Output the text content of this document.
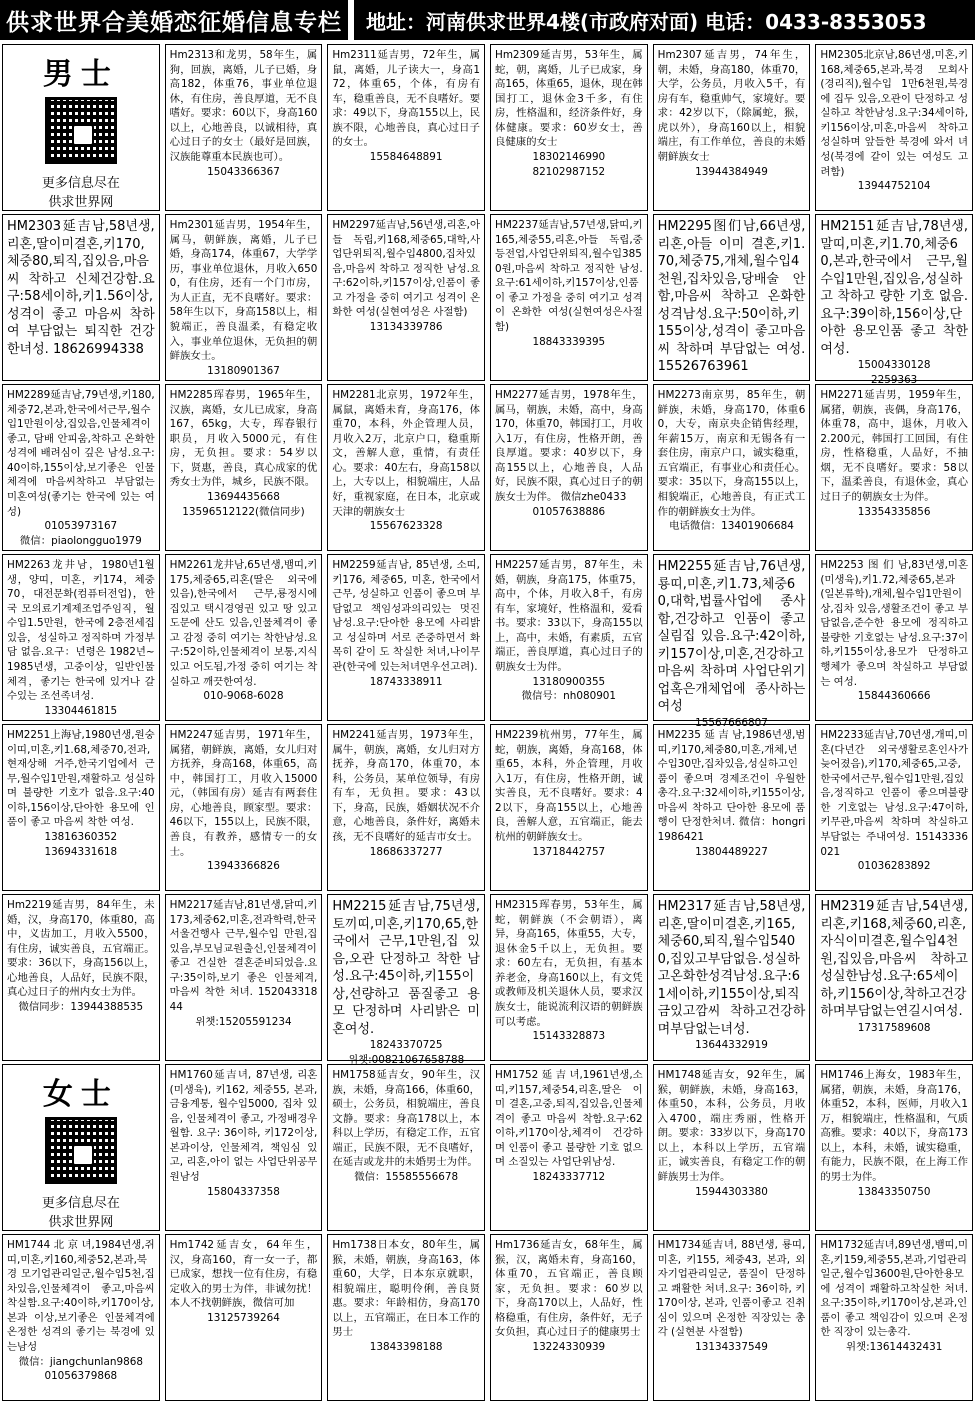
供求世界合美婚恋征婚信息专栏 地址：河南供求世界4楼(市政府对面) 电话：0433-8353053
男士
更多信息尽在
供求世界网
Hm2313和龙男，58年生，属狗，回族，离婚，儿子已婚，身高182，体重76，事业单位退休，有住房，善良厚道，无不良嗜好。要求：60以下，身高160以上，心地善良，以诚相待，真心过日子的女士（最好是回族，汉族能尊重本民族也可）。
15043366367
Hm2311延吉男，72年生，属鼠，离婚，儿子读大一，身高172，体重65，个体，有房有车，稳重善良，无不良嗜好。要求：49以下，身高155以上，民族不限，心地善良，真心过日子的女士。
15584648891
Hm2309延吉男，53年生，属蛇，朝，离婚，儿子已成家，身高165，体重65，退休，现在韩国打工，退休金3千多，有住房，性格温和，经济条件好，身体健康。要求：60岁女士，善良健康的女士
18302146990
82102987152
Hm2307延吉男，74年生，朝，未婚，身高180，体重70，大学，公务员，月收入5千，有房有车，稳重帅气，家境好。要求：42岁以下，（除属蛇，猴，虎以外），身高160以上，相貌端庄，有工作单位，善良的未婚朝鲜族女士
13944384949
HM2305北京남,86년생,미혼,키168,체중65,본과,북경 모회사(경리직),월수입 1만6천원,북경에 집두 있음,오관이 단정하고 성실하고 착한남성.요구:34세이하,키156이상,미혼,마음씨 착하고 성실하며 앞들한 북경에 와서 녀성(북경에 같이 있는 여성도 고려함)
13944752104
HM2303延吉남,58년생,리혼,딸이미결혼,키170,체중80,퇴직,집있음,마음씨 착하고 신체건강함.요구:58세이하,키1.56이상,성격이 좋고 마음씨 착하여 부담없는 퇴직한 건강한녀성. 18626994338
Hm2301延吉男，1954年生，属马，朝鲜族，离婚，儿子已婚，身高174，体重67，大学学历，事业单位退休，月收入6500，有住房，还有一个门市房，为人正直，无不良嗜好。要求：58年生以下，身高158以上，相貌端正，善良温柔，有稳定收入，事业单位退休，无负担的朝鲜族女士。
13180901367
HM2297延吉남,56년생,리혼,아들 독립,키168,체중65,대학,사업단위퇴직,월수입4800,집차있음,마음씨 착하고 정직한 남성.요구:62이하,키157이상,인품이 좋고 가정을 중히 여기고 성격이 온화한 여성(실현여성은 사절함)
13134339786
HM2237延吉남,57년생,닭띠,키165,체중55,리혼,아들 독립,중등전업,사업단위퇴직,월수입3850원,마음씨 착하고 정직한 남성.요구:61세이하,키157이상,인품이 좋고 가정을 중히 여기고 성격이 온화한 여성(실현여성은사절함)
18843339395
HM2295图们남,66년생,리혼,아들 이미 결혼,키1.70,체중75,개체,월수입4천원,집차있음,당배술 안함,마음씨 착하고 온화한 성격남성.요구:50이하,키155이상,성격이 좋고마음씨 착하며 부담없는 여성. 15526763961
HM2151延吉남,78년생,말띠,미혼,키1.70,체중60,본과,한국에서 근무,월수입1만원,집있음,성실하고 착하고 량한 기호 없음.요구:39이하,156이상,단아한 용모인품 좋고 착한 여성.
15004330128
2259363
HM2289延吉남,79년생,키180,체중72,본과,한국에서근무,월수입1만원이상,집있음,인물체격이 좋고, 담배 안피움,착하고 온화한 성격에 배려심이 깊은 남성.요구:40이하,155이상,보기좋은 인물체격에 마음씨착하고 부담없는 미혼여성(좋기는 한국에 있는 여성)
01053973167
微信：piaolongguo1979
HM2285珲春男，1965年生，汉族，离婚，女儿已成家，身高167，65kg，大专，珲春银行职员，月收入5000元，有住房，无负担。要求：54岁以下，贤惠，善良，真心成家的优秀女士为伴，城乡，民族不限。
13694435668
13596512122(微信同步)
HM2281北京男，1972年生，属鼠，离婚未育，身高176，体重70，本科，外企管理人员，月收入2万，北京户口，稳重斯文，善解人意，重情，有责任心。要求：40左右，身高158以上，大专以上，相貌端庄，人品好，重视家庭，在日本，北京或天津的朝族女士
15567623328
HM2277延吉男，1978年生，属马，朝族，未婚，高中，身高170，体重70，韩国打工，月收入1万，有住房，性格开朗，善良厚道。要求：40岁以下，身高155以上，心地善良，人品好，民族不限，真心过日子的朝族女士为伴。 微信zhe0433
01057638886
HM2273南京男，85年生，朝鲜族，未婚，身高170，体重60，大专，南京央企销售经理，年薪15万，南京和无锡各有一套住房，南京户口，诚实稳重，五官端正，有事业心和责任心。要求：35以下，身高155以上，相貌端正，心地善良，有正式工作的朝鲜族女士为伴。
电话微信：13401906684
HM2271延吉男，1959年生，属猪，朝族，丧偶，身高176，体重78，高中，退休，月收入2.200元，韩国打工回国，有住房，性格稳重，人品好，不抽烟，无不良嗜好。要求：58以下，温柔善良，有退休金，真心过日子的朝族女士为伴。
13354335856
HM2263龙井남，1980년1월생，양띠，미혼，키174，체중70，대전문화(컴퓨터전업)，한국 모의료기계제조업주임직，월수입1.5만원，한국에 2층전세집 있음，성실하고 정직하며 가정부담 없음.요구：년령은 1982년~1985년생，고중이상，일반인물체격，좋기는 한국에 있거나 갈수있는 조선족녀성.
13304461815
HM2261龙井남,65년생,뱀띠,키175,체중65,리혼(딸은 외국에 있음),한국에서 근무,룡정시에 집있고 택시경영권 있고 땅 있고 도문에 산도 있음,인물체격이 좋고 감정 중히 여기는 착한남성.요구:52이하,인물체격이 보통,지식있고 어도됨,가정 중히 여기는 착실하고 깨끗한여성.
010-9068-6028
HM2259延吉남, 85년생, 소띠, 키176, 체중65, 미혼, 한국에서 근무, 성실하고 인품이 좋으며 부담없고 책임성과의리있는 멋진 남성.요구:단아한 용모에 사리밝고 성실하며 서로 존중하면서 화목히 같이 도 착실한 처녀,나이무관(한국에 있는처녀면우선고려).
18743338911
HM2257延吉男，87年生，未婚，朝族，身高175，体重75，高中，个体，月收入8千，有房有车，家境好，性格温和，爱看书。要求：33以下，身高155以上，高中，未婚，有素质，五官端正，善良厚道，真心过日子的朝族女士为伴。
13180900355
微信号：nh080901
HM2255延吉남,76년생,룡띠,미혼,키1.73,체중60,대학,법률사업에 종사함,건강하고 인품이 좋고 실림집 있음.요구:42이하,키157이상,미혼,건강하고 마음씨 착하며 사업단위기업혹은개체업에 종사하는 여성
15567666807
HM2253图们남,83년생,미혼(미생육),키1.72,체중65,본과(일본류학),개체,월수입1만원이상,집차 있음,생활조건이 좋고 부담없음,준수한 용모에 정직하고 불량한 기호없는 남성.요구:37이하,키155이상,용모가 단정하고 행체가 좋으며 착실하고 부담없는 여성.
15844360666
HM2251上海남,1980년생,원숭이띠,미혼,키1.68,체중70,전과,현재상해 거주,한국기업에서 근무,월수입1만원,재활하고 성실하며 불량한 기호가 없음.요구:40이하,156이상,단아한 용모에 인품이 좋고 마음씨 착한 여성.
13816360352
13694331618
HM2247延吉男，1971年生，属猪，朝鲜族，离婚，女儿归对方抚养，身高168，体重65，高中，韩国打工，月收入15000元，（韩国有房）延吉有两套住房，心地善良，顾家型。要求：46以下，155以上，民族不限，善良，有教养，感情专一的女士。
13943366826
HM2241延吉男，1973年生，属牛，朝族，离婚，女儿归对方抚养，身高170，体重70，本科，公务员，某单位领导，有房有车，无负担。要求：43以下，身高，民族，婚姻状况不介意，心地善良，条件好，离婚未孩，无不良嗜好的延吉市女士。
18686337277
HM2239杭州男，77年生，属蛇，朝族，离婚，身高168，体重65，本科，外企管理，月收入1万，有住房，性格开朗，诚实善良，无不良嗜好。要求：42以下，身高155以上，心地善良，善解人意，五官端正，能去杭州的朝鲜族女士。
13718442757
HM2235延吉남,1986년생,범띠,키170,체중80,미혼,개체,년수입30만,집차있음,성실하고인품이 좋으며 경제조건이 우월한 총각.요구:32세이하,키155이상,마음씨 착하고 단아한 용모에 품행이 단정한처녀. 微信：hongri1986421
13804489227
HM2233延吉남,70년생,개띠,미혼(다년간 외국생활로혼인사가 늦어졌음),키170,체중65,고중,한국에서근무,월수입1만원,집있음,정직하고 인품이 좋으며불량한 기호없는 남성.요구:47이하,키무관,마음씨 착하며 착실하고 부담없는 주내여성. 15143336021
01036283892
Hm2219延吉男，84年生，未婚，汉，身高170，体重80，高中，义齿加工，月收入5500，有住房，诚实善良，五官端正。要求：36以下，身高156以上，心地善良，人品好，民族不限，真心过日子的州内女士为伴。
微信同步：13944388535
HM2217延吉남,81년생,닭띠,키173,체중62,미혼,전과학력,한국서울건행사 근무,월수입 만원,집있음,부모님교원출신,인물체격이 좋고 건실한 결혼준비되었음.요구:35이하,보기 좋은 인물체격,마음씨 착한 처녀. 15204331844
위챗:15205591234
HM2215延吉남,75년생,토끼띠,미혼,키170,65,한국에서 근무,1만원,집 있음,오관 단정하고 착한 남성.요구:45이하,키155이상,선량하고 품질좋고 용모 단정하며 사리밝은 미혼여성.
18243370725
위챗:00821067658788
HM2315珲春男，53年生，属蛇，朝鲜族（不会朝语），离异，身高165，体重55，大专，退休金5千以上，无负担。要求：60左右，无负担，有基本养老金，身高160以上，有文凭或教师及机关退休人员，要求汉族女士，能说流利汉语的朝鲜族可以考虑。
15143328873
HM2317延吉남,58년생,리혼,딸이미결혼,키165,체중60,퇴직,월수입5400,집있고부담없음.성실하고온화한성격남성.요구:61세이하,키155이상,퇴직금있고깜씨 착하고건강하며부담없는녀성.
13644332919
HM2319延吉남,54년생,리혼,키168,체중60,리혼,자식이미결혼,월수입4천원,집있음,마음씨 착하고성실한남성.요구:65세이하,키156이상,착하고건강하며부담없는연길시여성.
17317589608
女士
更多信息尽在
供求世界网
HM1760延吉녀, 87년생, 리혼(미생육), 키162, 체중55, 본과, 금융계통, 월수입5000, 집차 있음, 인물체격이 좋고, 가정배경우월함. 요구: 36이하, 키172이상, 본과이상, 인물체격, 책임심 있고, 리혼,아이 없는 사업단위공무원남성
15804337358
HM1758延吉女，90年生，汉族，未婚，身高166，体重60，硕士，公务员，相貌端庄，善良文静。要求：身高178以上，本科以上学历，有稳定工作，五官端正，民族不限，无不良嗜好，在延吉或龙井的未婚男士为伴。
微信：15585556678
HM1752延吉녀,1961년생,소띠,키157,체중54,리혼,딸은 이미 결혼,고중,퇴직,집있음,인물체격이 좋고 마음씨 착함.요구:62이하,키170이상,체격이 건강하며 인품이 좋고 불량한 기호 없으며 소질있는 사업단위남성.
18243337712
HM1748延吉女，92年生，属猴，朝鲜族，未婚，身高163，体重50，本科，公务员，月收入4700，端庄秀丽，性格开朗。要求：33岁以下，身高170以上，本科以上学历，五官端正，诚实善良，有稳定工作的朝鲜族男士为伴。
15944303380
HM1746上海女，1983年生，属猪，朝族，未婚，身高176，体重52，本科，医师，月收入1万，相貌端庄，性格温和，气质高雅。要求：40以下，身高173以上，本科，未婚，诚实稳重，有能力，民族不限，在上海工作的男士为伴。
13843350750
HM1744北京녀,1984년생,쥐띠,미혼,키160,체중52,본과,북경 모기업관리일군,월수입5천,집차있음,인물체격이 좋고,마음씨 착실함.요구:40이하,키170이상,본과 이상,보기좋은 인물체격에 온정한 성격의 좋기는 북경에 있는남성
微信：jiangchunlan9868
01056379868
Hm1742延吉女，64年生，汉，身高160，育一女一子，都已成家，想找一位有住房，有稳定收入的男士为伴，非诚勿扰！本人不找朝鲜族，微信可加
13125739264
Hm1738日本女，80年生，属猴，未婚，朝族，身高163，体重60，大学，日本东京就职，相貌端庄，聪明伶俐，善良贤惠。要求：年龄相仿，身高170以上，五官端正，在日本工作的男士
13843398188
Hm1736延吉女，68年生，属猴，汉，离婚未育，身高160，体重70，五官端正，善良顾家，无负担。要求：60岁以下，身高170以上，人品好，性格稳重，有住房，条件好，无子女负担，真心过日子的健康男士
13224330939
HM1734延吉녀, 88년생, 룡띠, 미혼, 키155, 체중43, 본과, 외자기업관리일군, 품질이 단정하고 쾌활한 처녀.요구: 36이하, 키170이상, 본과, 인품이좋고 진취심이 있으며 온정한 직장있는 총각 (실현분 사절함)
13134337549
HM1732延吉녀,89년생,뱀띠,미혼,키159,체중55,본과,기업관리일군,월수입3600원,단아한용모에 성격이 쾌활하고착실한 처녀.요구:35이하,키170이상,본과,인품이 좋고 책임감이 있으며 온정한 직장이 있는총각.
위챗:13614432431
